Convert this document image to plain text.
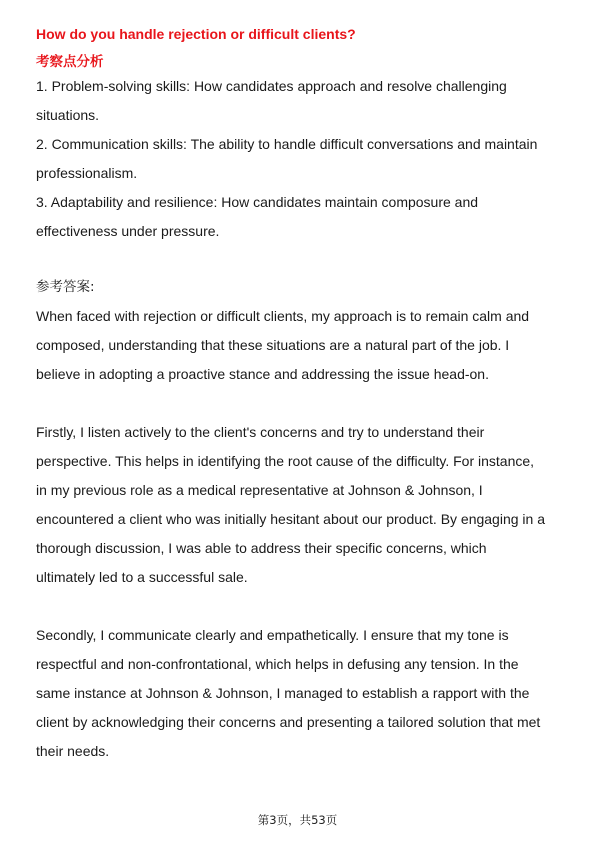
How do you handle rejection or difficult clients?
考察点分析
1. Problem-solving skills: How candidates approach and resolve challenging
situations.
2. Communication skills: The ability to handle difficult conversations and maintain
professionalism.
3. Adaptability and resilience: How candidates maintain composure and
effectiveness under pressure.
参考答案:
When faced with rejection or difficult clients, my approach is to remain calm and
composed, understanding that these situations are a natural part of the job. I
believe in adopting a proactive stance and addressing the issue head-on.
Firstly, I listen actively to the client's concerns and try to understand their
perspective. This helps in identifying the root cause of the difficulty. For instance,
in my previous role as a medical representative at Johnson & Johnson, I
encountered a client who was initially hesitant about our product. By engaging in a
thorough discussion, I was able to address their specific concerns, which
ultimately led to a successful sale.
Secondly, I communicate clearly and empathetically. I ensure that my tone is
respectful and non-confrontational, which helps in defusing any tension. In the
same instance at Johnson & Johnson, I managed to establish a rapport with the
client by acknowledging their concerns and presenting a tailored solution that met
their needs.
第3页，共53页
